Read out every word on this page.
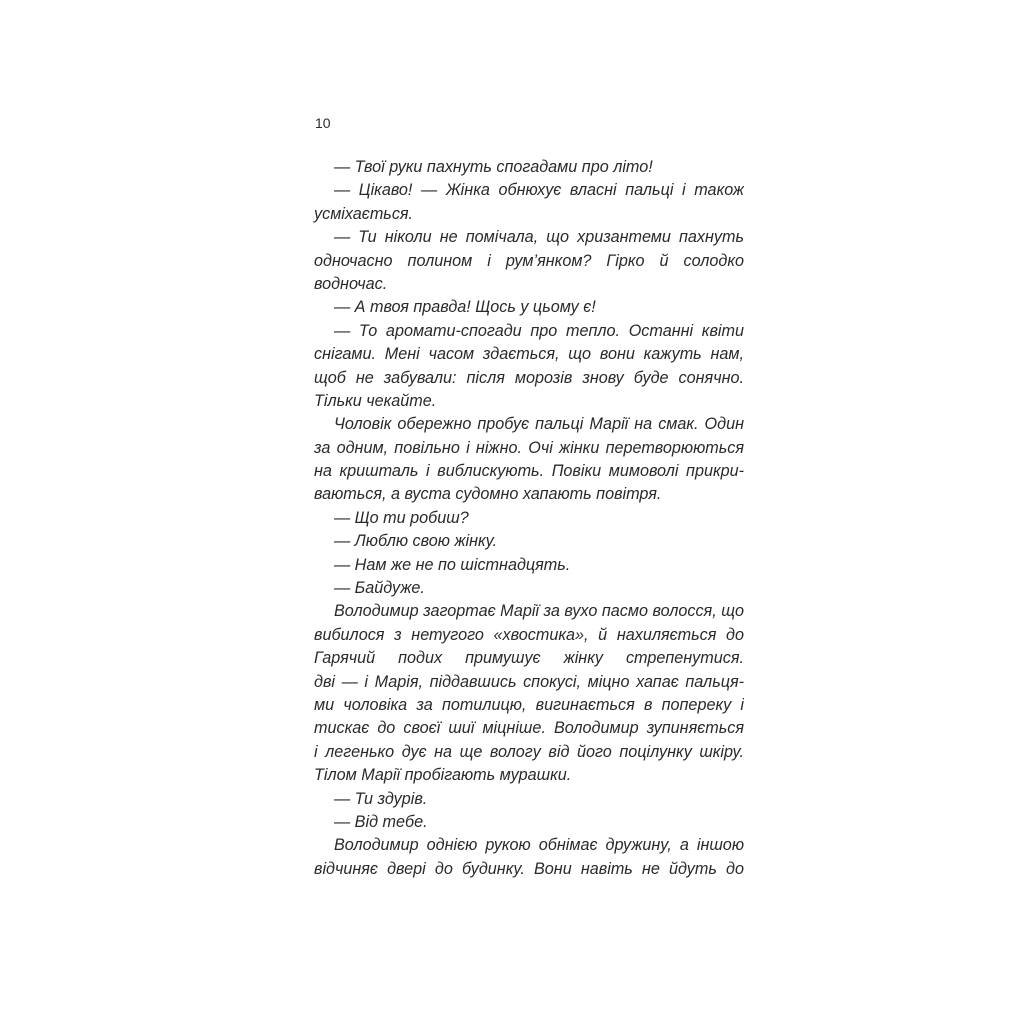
10
— Твої руки пахнуть спогадами про літо!
— Цікаво! — Жінка обнюхує власні пальці і також
усміхається.
— Ти ніколи не помічала, що хризантеми пахнуть
одночасно полином і рум’янком? Гірко й солодко
водночас.
— А твоя правда! Щось у цьому є!
— То аромати-спогади про тепло. Останні квіти
снігами. Мені часом здається, що вони кажуть нам,
щоб не забували: після морозів знову буде сонячно.
Тільки чекайте.
Чоловік обережно пробує пальці Марії на смак. Один
за одним, повільно і ніжно. Очі жінки перетворюються
на кришталь і виблискують. Повіки мимоволі прикри-
ваються, а вуста судомно хапають повітря.
— Що ти робиш?
— Люблю свою жінку.
— Нам же не по шістнадцять.
— Байдуже.
Володимир загортає Марії за вухо пасмо волосся, що
вибилося з нетугого «хвостика», й нахиляється до
Гарячий подих примушує жінку стрепенутися.
дві — і Марія, піддавшись спокусі, міцно хапає пальця-
ми чоловіка за потилицю, вигинається в попереку і
тискає до своєї шиї міцніше. Володимир зупиняється
і легенько дує на ще вологу від його поцілунку шкіру.
Тілом Марії пробігають мурашки.
— Ти здурів.
— Від тебе.
Володимир однією рукою обнімає дружину, а іншою
відчиняє двері до будинку. Вони навіть не йдуть до
